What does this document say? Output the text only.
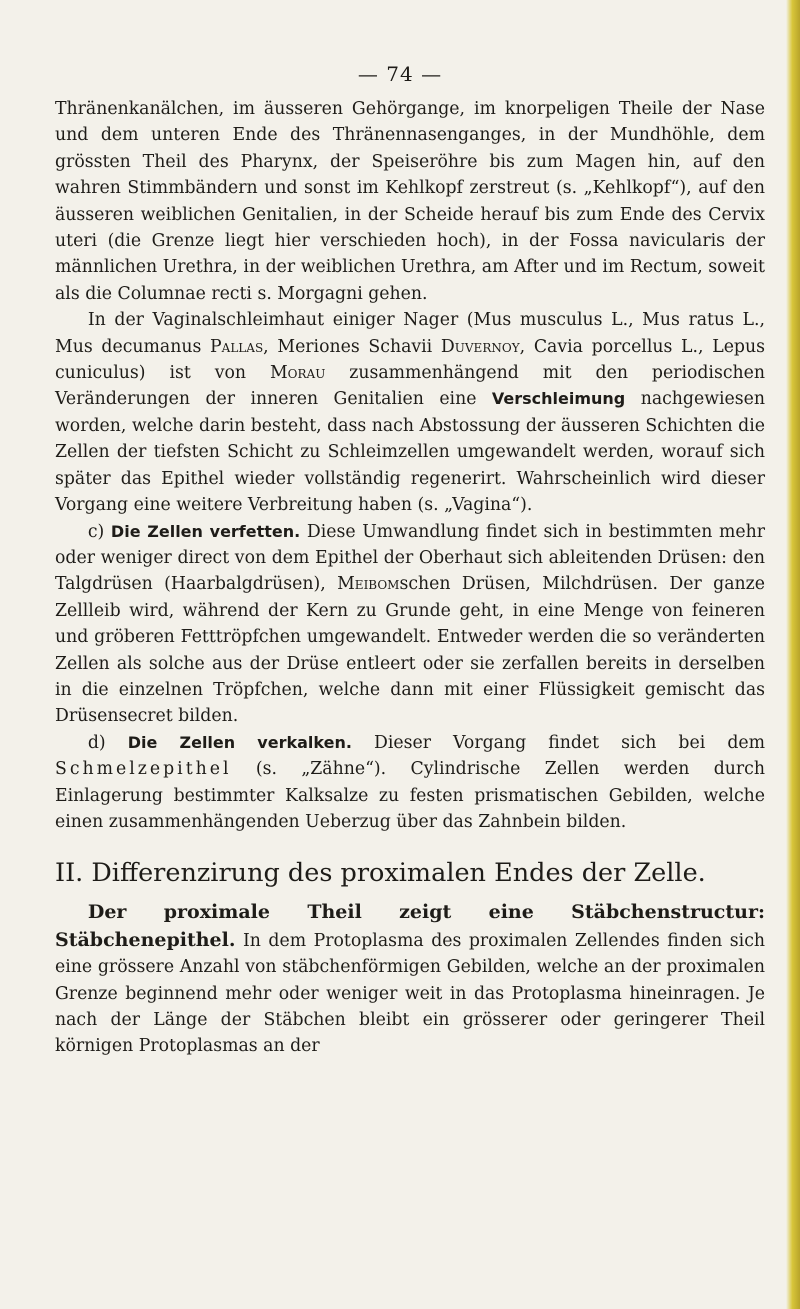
— 74 —

Thränenkanälchen, im äusseren Gehörgange, im knorpeligen Theile der Nase und dem unteren Ende des Thränennasenganges, in der Mundhöhle, dem grössten Theil des Pharynx, der Speiseröhre bis zum Magen hin, auf den wahren Stimmbändern und sonst im Kehlkopf zerstreut (s. „Kehlkopf“), auf den äusseren weiblichen Genitalien, in der Scheide herauf bis zum Ende des Cervix uteri (die Grenze liegt hier verschieden hoch), in der Fossa navicularis der männlichen Urethra, in der weiblichen Urethra, am After und im Rectum, soweit als die Columnae recti s. Morgagni gehen.

In der Vaginalschleimhaut einiger Nager (Mus musculus L., Mus ratus L., Mus decumanus Pallas, Meriones Schavii Duvernoy, Cavia porcellus L., Lepus cuniculus) ist von Morau zusammenhängend mit den periodischen Veränderungen der inneren Genitalien eine Verschleimung nachgewiesen worden, welche darin besteht, dass nach Abstossung der äusseren Schichten die Zellen der tiefsten Schicht zu Schleimzellen umgewandelt werden, worauf sich später das Epithel wieder vollständig regenerirt. Wahrscheinlich wird dieser Vorgang eine weitere Verbreitung haben (s. „Vagina“).

c) Die Zellen verfetten. Diese Umwandlung findet sich in bestimmten mehr oder weniger direct von dem Epithel der Oberhaut sich ableitenden Drüsen: den Talgdrüsen (Haarbalgdrüsen), Meibomschen Drüsen, Milchdrüsen. Der ganze Zellleib wird, während der Kern zu Grunde geht, in eine Menge von feineren und gröberen Fetttröpfchen umgewandelt. Entweder werden die so veränderten Zellen als solche aus der Drüse entleert oder sie zerfallen bereits in derselben in die einzelnen Tröpfchen, welche dann mit einer Flüssigkeit gemischt das Drüsensecret bilden.

d) Die Zellen verkalken. Dieser Vorgang findet sich bei dem Schmelzepithel (s. „Zähne“). Cylindrische Zellen werden durch Einlagerung bestimmter Kalksalze zu festen prismatischen Gebilden, welche einen zusammenhängenden Ueberzug über das Zahnbein bilden.

II. Differenzirung des proximalen Endes der Zelle.

Der proximale Theil zeigt eine Stäbchenstructur: Stäbchenepithel. In dem Protoplasma des proximalen Zellendes finden sich eine grössere Anzahl von stäbchenförmigen Gebilden, welche an der proximalen Grenze beginnend mehr oder weniger weit in das Protoplasma hineinragen. Je nach der Länge der Stäbchen bleibt ein grösserer oder geringerer Theil körnigen Protoplasmas an der
